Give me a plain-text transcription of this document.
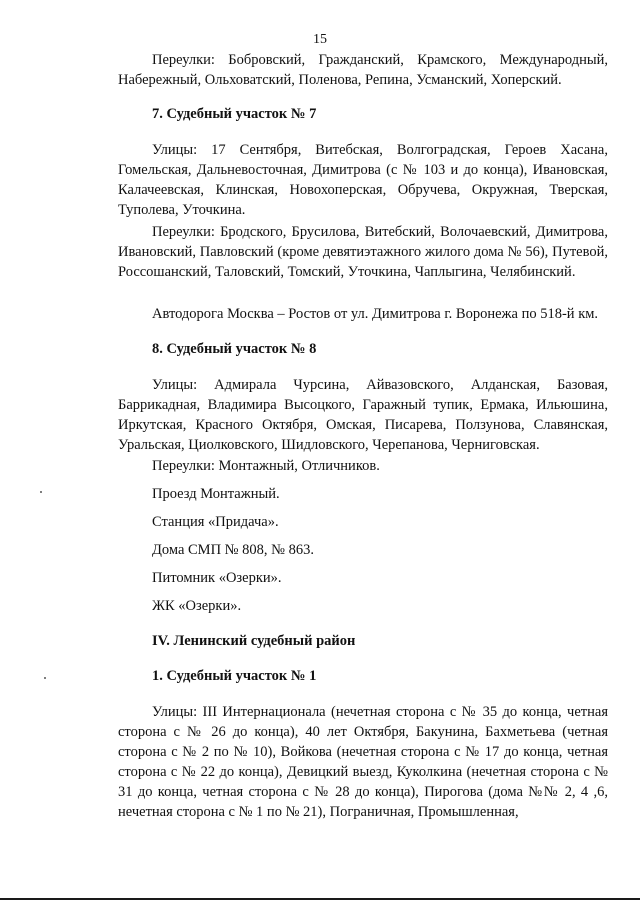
15

Переулки: Бобровский, Гражданский, Крамского, Международный, Набережный, Ольховатский, Поленова, Репина, Усманский, Хоперский.

7. Судебный участок № 7

Улицы: 17 Сентября, Витебская, Волгоградская, Героев Хасана, Гомельская, Дальневосточная, Димитрова (с № 103 и до конца), Ивановская, Калачеевская, Клинская, Новохоперская, Обручева, Окружная, Тверская, Туполева, Уточкина.

Переулки: Бродского, Брусилова, Витебский, Волочаевский, Димитрова, Ивановский, Павловский (кроме девятиэтажного жилого дома № 56), Путевой, Россошанский, Таловский, Томский, Уточкина, Чаплыгина, Челябинский.

Автодорога Москва – Ростов от ул. Димитрова г. Воронежа по 518-й км.

8. Судебный участок № 8

Улицы: Адмирала Чурсина, Айвазовского, Алданская, Базовая, Баррикадная, Владимира Высоцкого, Гаражный тупик, Ермака, Ильюшина, Иркутская, Красного Октября, Омская, Писарева, Ползунова, Славянская, Уральская, Циолковского, Шидловского, Черепанова, Черниговская.

Переулки: Монтажный, Отличников.

Проезд Монтажный.

Станция «Придача».

Дома СМП № 808, № 863.

Питомник «Озерки».

ЖК «Озерки».

IV. Ленинский судебный район

1. Судебный участок № 1

Улицы: III Интернационала (нечетная сторона с № 35 до конца, четная сторона с № 26 до конца), 40 лет Октября, Бакунина, Бахметьева (четная сторона с № 2 по № 10), Войкова (нечетная сторона с № 17 до конца, четная сторона с № 22 до конца), Девицкий выезд, Куколкина (нечетная сторона с № 31 до конца, четная сторона с № 28 до конца), Пирогова (дома №№ 2, 4 ,6, нечетная сторона с № 1 по № 21), Пограничная, Промышленная,
